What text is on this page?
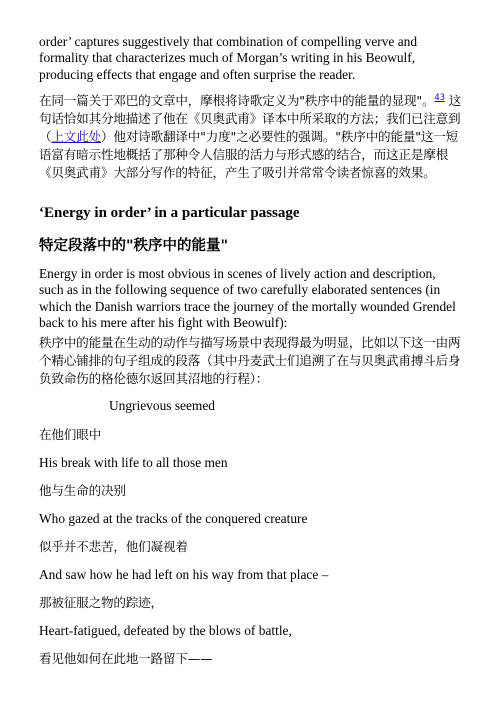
order’ captures suggestively that combination of compelling verve and formality that characterizes much of Morgan’s writing in his Beowulf, producing effects that engage and often surprise the reader.

在同一篇关于邓巴的文章中，摩根将诗歌定义为"秩序中的能量的显现"。$^{43}$ 这句话恰如其分地描述了他在《贝奥武甫》译本中所采取的方法；我们已注意到（上文此处）他对诗歌翻译中"力度"之必要性的强调。"秩序中的能量"这一短语富有暗示性地概括了那种令人信服的活力与形式感的结合，而这正是摩根《贝奥武甫》大部分写作的特征，产生了吸引并常常令读者惊喜的效果。

‘Energy in order’ in a particular passage
特定段落中的"秩序中的能量"

Energy in order is most obvious in scenes of lively action and description, such as in the following sequence of two carefully elaborated sentences (in which the Danish warriors trace the journey of the mortally wounded Grendel back to his mere after his fight with Beowulf):

秩序中的能量在生动的动作与描写场景中表现得最为明显，比如以下这一由两个精心铺排的句子组成的段落（其中丹麦武士们追溯了在与贝奥武甫搏斗后身负致命伤的格伦德尔返回其沼地的行程）：

Ungrievous seemed
在他们眼中
His break with life to all those men
他与生命的决别
Who gazed at the tracks of the conquered creature
似乎并不悲苦，他们凝视着
And saw how he had left on his way from that place –
那被征服之物的踪迹，
Heart-fatigued, defeated by the blows of battle,
看见他如何在此地一路留下——
